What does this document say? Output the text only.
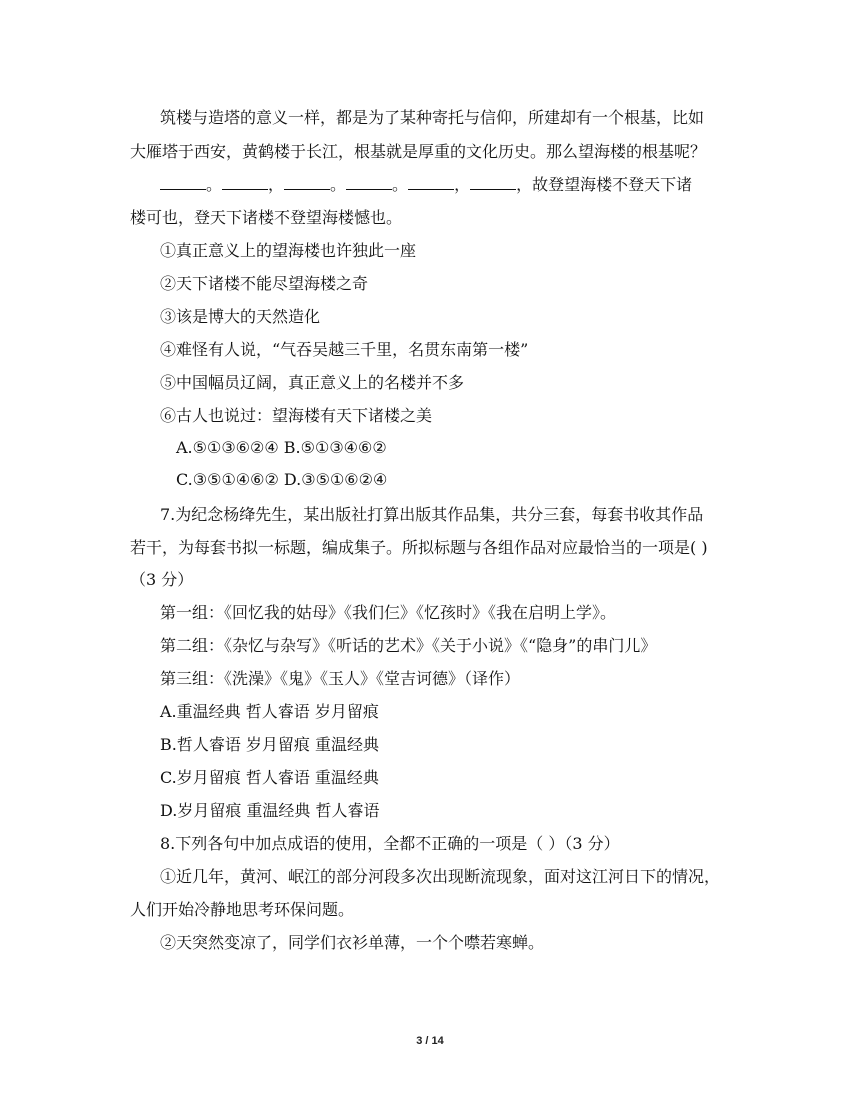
筑楼与造塔的意义一样，都是为了某种寄托与信仰，所建却有一个根基，比如
大雁塔于西安，黄鹤楼于长江，根基就是厚重的文化历史。那么望海楼的根基呢？
。	，	。	。	，	，故登望海楼不登天下诸
楼可也，登天下诸楼不登望海楼憾也。
①真正意义上的望海楼也许独此一座
②天下诸楼不能尽望海楼之奇
③该是博大的天然造化
④难怪有人说，“气吞吴越三千里，名贯东南第一楼”
⑤中国幅员辽阔，真正意义上的名楼并不多
⑥古人也说过：望海楼有天下诸楼之美
A.⑤①③⑥②④ B.⑤①③④⑥②
C.③⑤①④⑥② D.③⑤①⑥②④
7.为纪念杨绛先生，某出版社打算出版其作品集，共分三套，每套书收其作品
若干，为每套书拟一标题，编成集子。所拟标题与各组作品对应最恰当的一项是( )
（3 分）
第一组：《回忆我的姑母》《我们仨》《忆孩时》《我在启明上学》。
第二组：《杂忆与杂写》《听话的艺术》《关于小说》《“隐身”的串门儿》
第三组：《洗澡》《鬼》《玉人》《堂吉诃德》（译作）
A.重温经典 哲人睿语 岁月留痕
B.哲人睿语 岁月留痕 重温经典
C.岁月留痕 哲人睿语 重温经典
D.岁月留痕 重温经典 哲人睿语
8.下列各句中加点成语的使用，全都不正确的一项是（ ）（3 分）
①近几年，黄河、岷江的部分河段多次出现断流现象，面对这江河日下的情况，
人们开始冷静地思考环保问题。
②天突然变凉了，同学们衣衫单薄，一个个噤若寒蝉。
3 / 14
